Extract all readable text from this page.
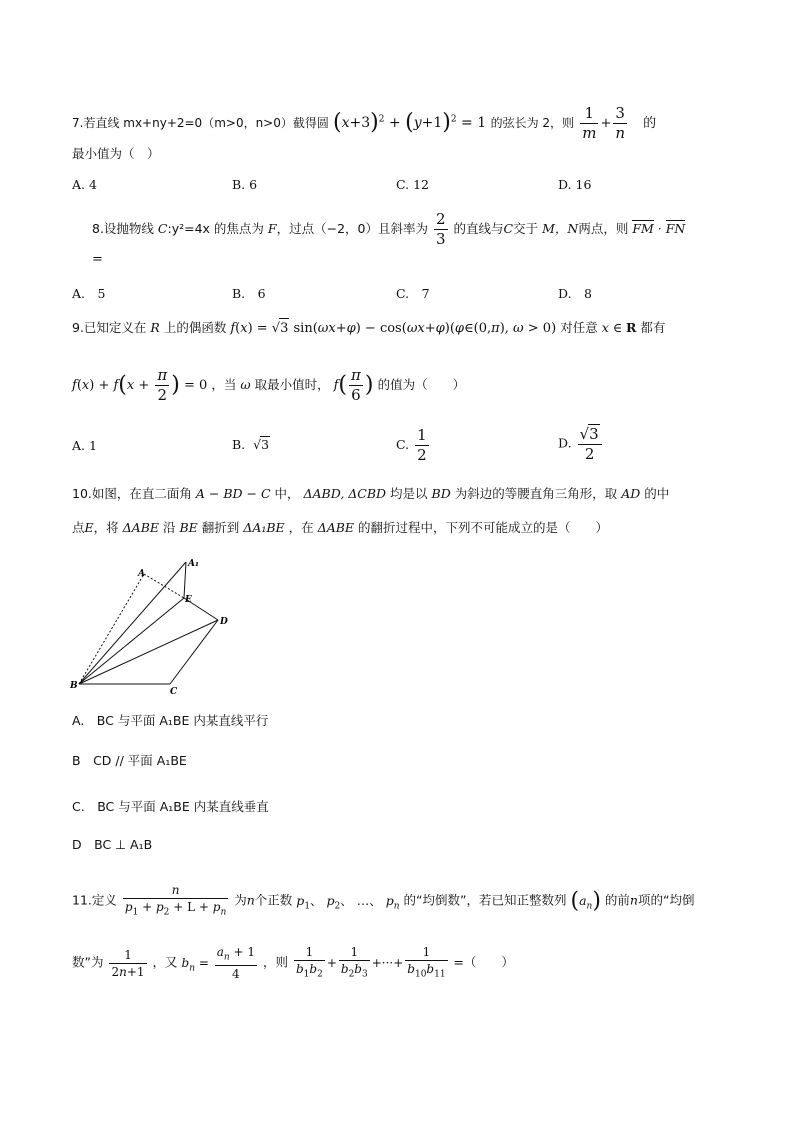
7.若直线 mx+ny+2=0（m>0，n>0）截得圆 $(x+3)^2 + (y+1)^2 = 1$ 的弦长为 2，则 $\frac{1}{m} + \frac{3}{n}$ 的
最小值为（　）
A. 4	B. 6	C. 12	D. 16
8.设抛物线 C:y²=4x 的焦点为 F，过点（−2，0）且斜率为 $\frac{2}{3}$ 的直线与C交于 M，N两点，则 FM · FN
=
A.　5	B.　6	C.　7	D.　8
9.已知定义在 R 上的偶函数 f(x) = √3 sin(ωx+φ) − cos(ωx+φ)(φ∈(0,π), ω > 0) 对任意 x ∈ R 都有
$f(x) + f(x + \frac{\pi}{2}$ ) = 0 ，当 ω 取最小值时， $f( \frac{\pi}{6}$ ) 的值为（　　）
A. 1	B.  √3	C. $\frac{1}{2}$	D. $\frac{√3}{2}$
10.如图，在直二面角 A − BD − C 中， ΔABD, ΔCBD 均是以 BD 为斜边的等腰直角三角形，取 AD 的中
点E，将 ΔABE 沿 BE 翻折到 ΔA₁BE ，在 ΔABE 的翻折过程中，下列不可能成立的是（　　）
A
A₁
E
D
B
C
A.　BC 与平面 A₁BE 内某直线平行
B　CD // 平面 A₁BE
C.　BC 与平面 A₁BE 内某直线垂直
D　BC ⊥ A₁B
11.定义 $\frac{n}{p_1 + p_2 + L + p_n}$ 为n个正数 $p_1$、 $p_2$、 …、 $p_n$ 的“均倒数”，若已知正整数列 $(a_n)$ 的前n项的“均倒
数”为 $\frac{1}{2n+1}$ ，又 $b_n = \frac{a_n + 1}{4}$ ，则 $\frac{1}{b_1b_2} + \frac{1}{b_2b_3}$ +···+ $\frac{1}{b_{10}b_{11}}$ =（　　）
